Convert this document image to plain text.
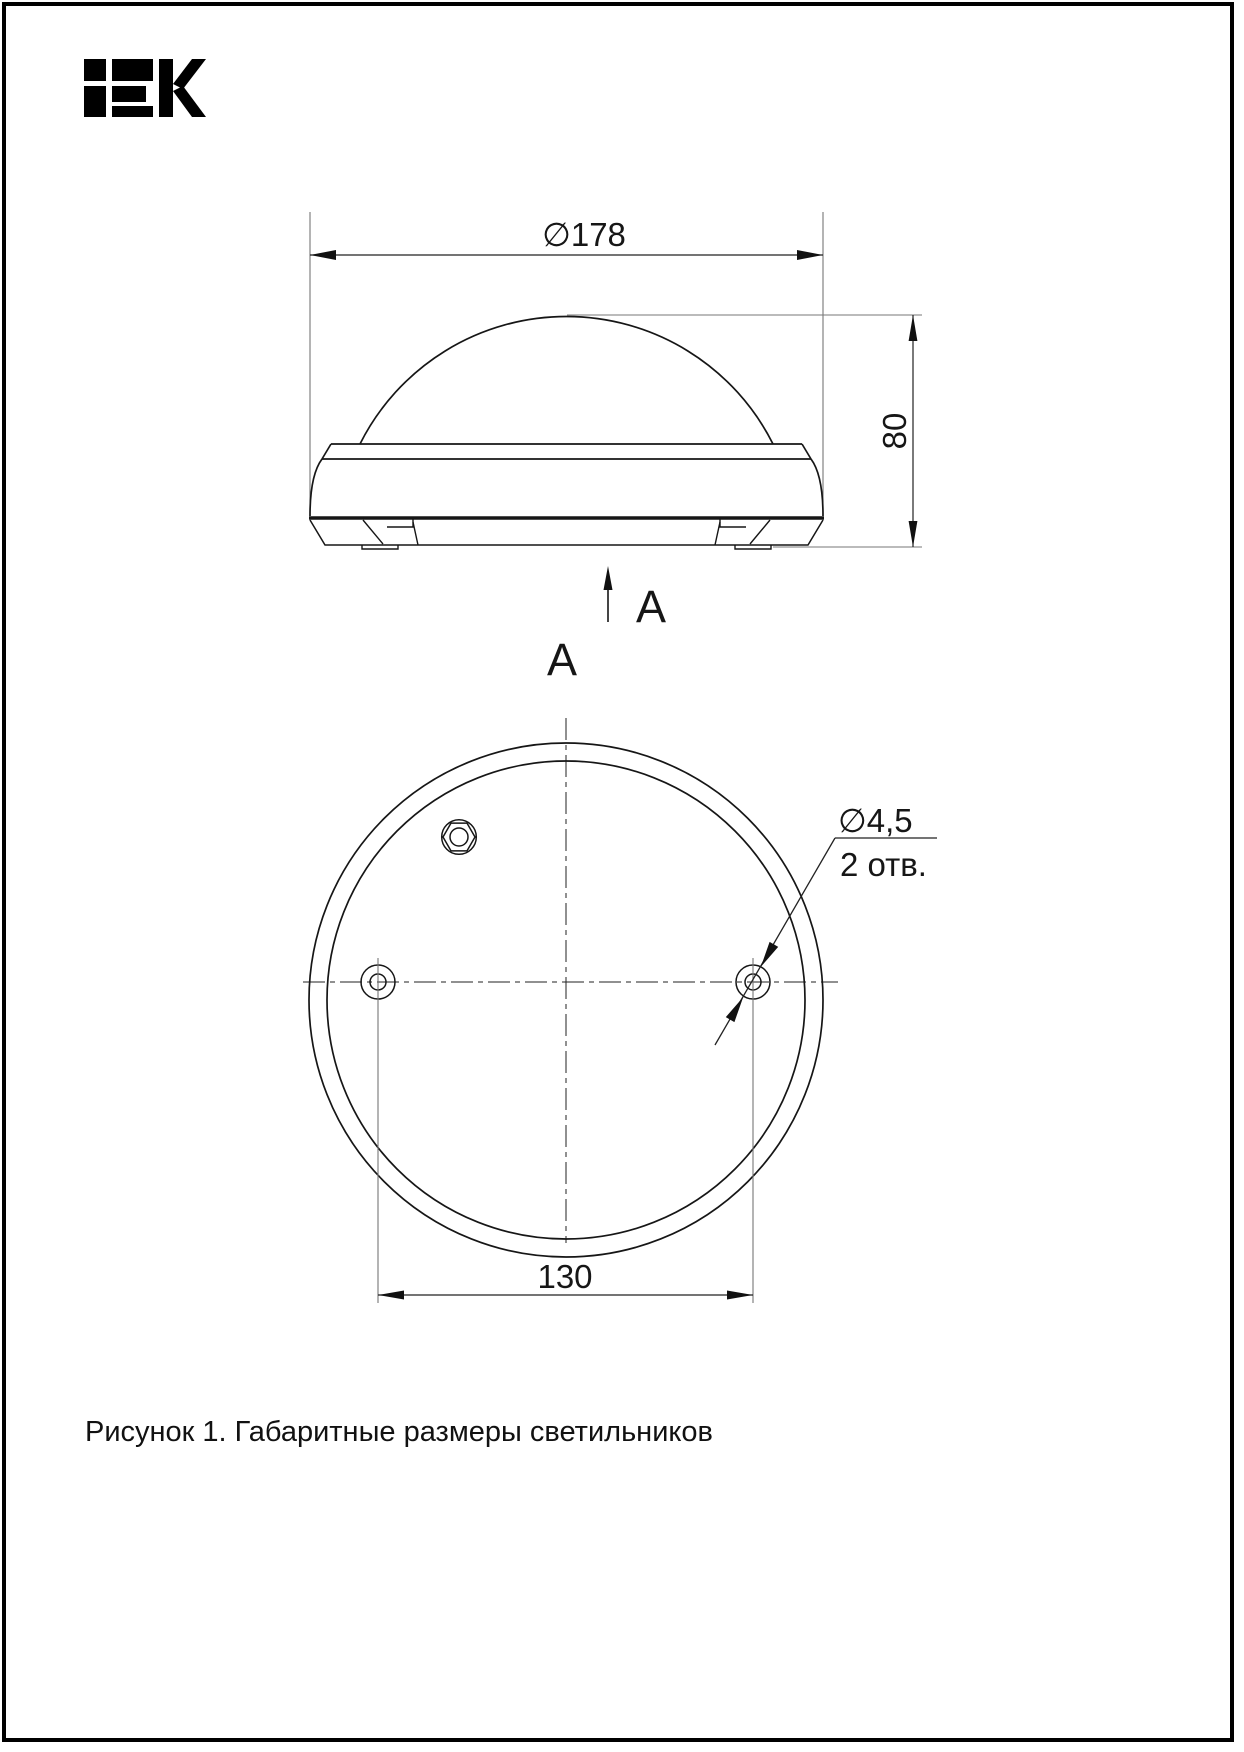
∅178
80
A
A
130
∅4,5
2 отв.
Рисунок 1. Габаритные размеры светильников
